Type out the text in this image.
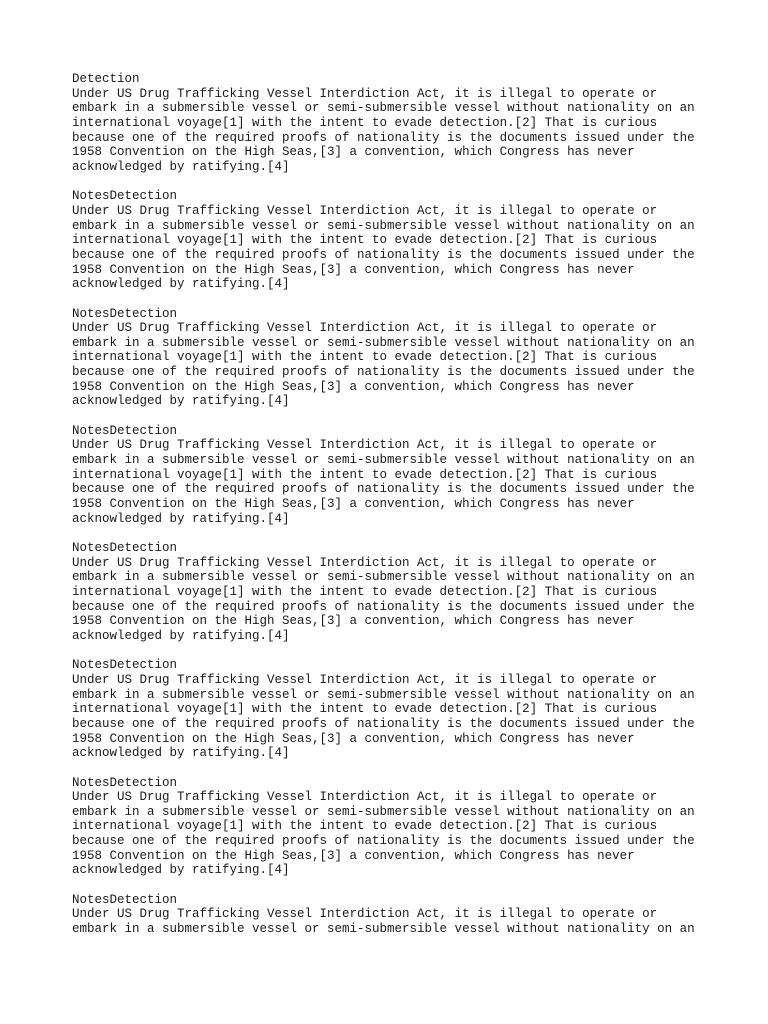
Detection
Under US Drug Trafficking Vessel Interdiction Act, it is illegal to operate or
embark in a submersible vessel or semi-submersible vessel without nationality on an
international voyage[1] with the intent to evade detection.[2] That is curious
because one of the required proofs of nationality is the documents issued under the
1958 Convention on the High Seas,[3] a convention, which Congress has never
acknowledged by ratifying.[4]
NotesDetection
Under US Drug Trafficking Vessel Interdiction Act, it is illegal to operate or
embark in a submersible vessel or semi-submersible vessel without nationality on an
international voyage[1] with the intent to evade detection.[2] That is curious
because one of the required proofs of nationality is the documents issued under the
1958 Convention on the High Seas,[3] a convention, which Congress has never
acknowledged by ratifying.[4]
NotesDetection
Under US Drug Trafficking Vessel Interdiction Act, it is illegal to operate or
embark in a submersible vessel or semi-submersible vessel without nationality on an
international voyage[1] with the intent to evade detection.[2] That is curious
because one of the required proofs of nationality is the documents issued under the
1958 Convention on the High Seas,[3] a convention, which Congress has never
acknowledged by ratifying.[4]
NotesDetection
Under US Drug Trafficking Vessel Interdiction Act, it is illegal to operate or
embark in a submersible vessel or semi-submersible vessel without nationality on an
international voyage[1] with the intent to evade detection.[2] That is curious
because one of the required proofs of nationality is the documents issued under the
1958 Convention on the High Seas,[3] a convention, which Congress has never
acknowledged by ratifying.[4]
NotesDetection
Under US Drug Trafficking Vessel Interdiction Act, it is illegal to operate or
embark in a submersible vessel or semi-submersible vessel without nationality on an
international voyage[1] with the intent to evade detection.[2] That is curious
because one of the required proofs of nationality is the documents issued under the
1958 Convention on the High Seas,[3] a convention, which Congress has never
acknowledged by ratifying.[4]
NotesDetection
Under US Drug Trafficking Vessel Interdiction Act, it is illegal to operate or
embark in a submersible vessel or semi-submersible vessel without nationality on an
international voyage[1] with the intent to evade detection.[2] That is curious
because one of the required proofs of nationality is the documents issued under the
1958 Convention on the High Seas,[3] a convention, which Congress has never
acknowledged by ratifying.[4]
NotesDetection
Under US Drug Trafficking Vessel Interdiction Act, it is illegal to operate or
embark in a submersible vessel or semi-submersible vessel without nationality on an
international voyage[1] with the intent to evade detection.[2] That is curious
because one of the required proofs of nationality is the documents issued under the
1958 Convention on the High Seas,[3] a convention, which Congress has never
acknowledged by ratifying.[4]
NotesDetection
Under US Drug Trafficking Vessel Interdiction Act, it is illegal to operate or
embark in a submersible vessel or semi-submersible vessel without nationality on an
